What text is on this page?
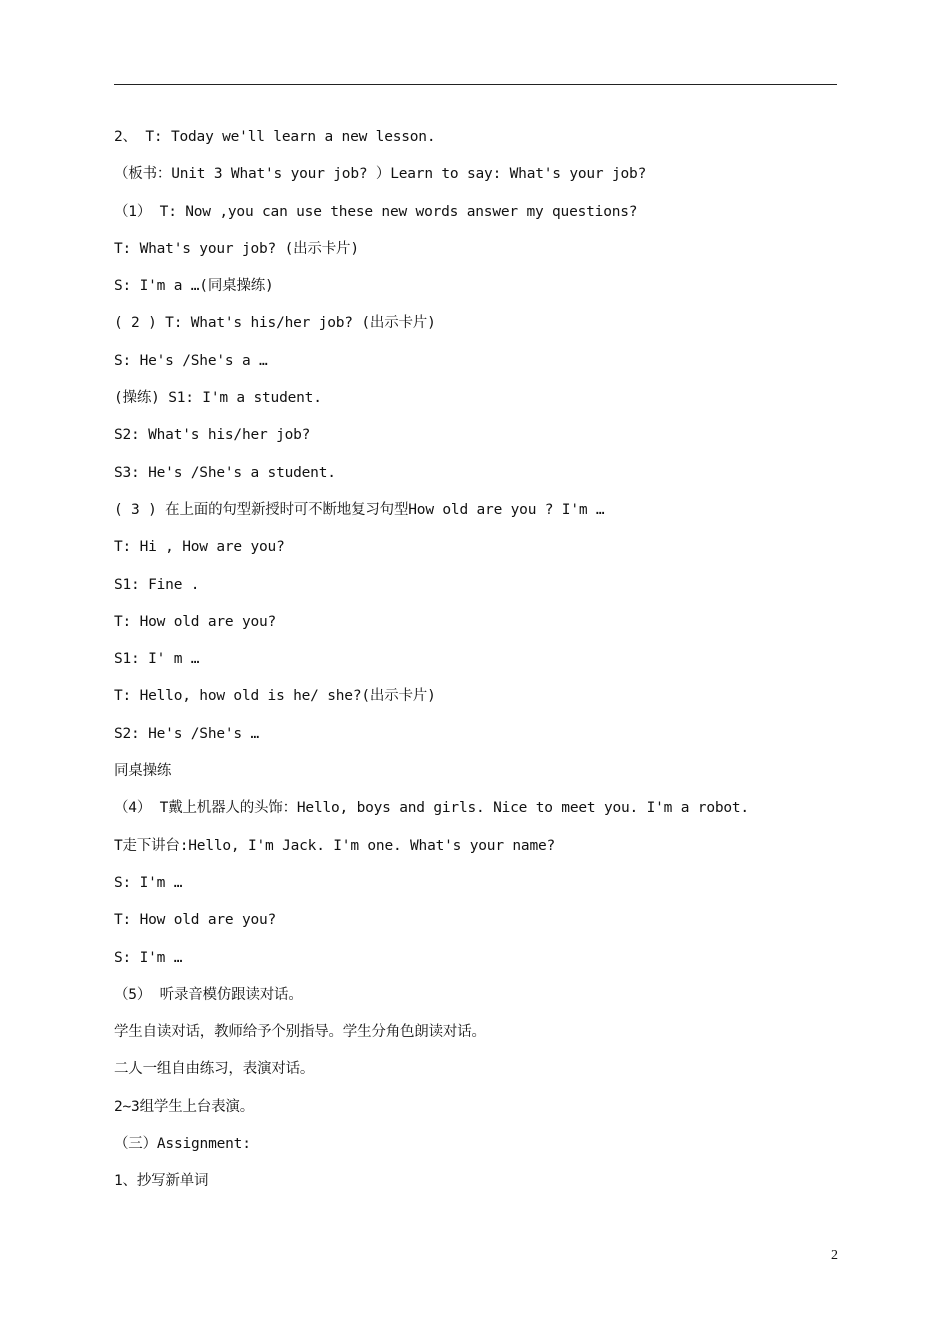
2、 T: Today we'll learn a new lesson.
（板书：Unit 3 What's your job? ）Learn to say: What's your job?
（1） T: Now ,you can use these new words answer my questions?
T: What's your job? (出示卡片)
S: I'm a …(同桌操练)
( 2 ) T: What's his/her job? (出示卡片)
S: He's /She's a …
(操练) S1: I'm a student.
S2: What's his/her job?
S3: He's /She's a student.
( 3 ) 在上面的句型新授时可不断地复习句型How old are you ? I'm …
T: Hi , How are you?
S1: Fine .
T: How old are you?
S1: I' m …
T: Hello, how old is he/ she?(出示卡片)
S2: He's /She's …
同桌操练
（4） T戴上机器人的头饰：Hello, boys and girls. Nice to meet you. I'm a robot.
T走下讲台:Hello, I'm Jack. I'm one. What's your name?
S: I'm …
T: How old are you?
S: I'm …
（5） 听录音模仿跟读对话。
学生自读对话，教师给予个别指导。学生分角色朗读对话。
二人一组自由练习，表演对话。
2~3组学生上台表演。
（三）Assignment:
1、抄写新单词
2
